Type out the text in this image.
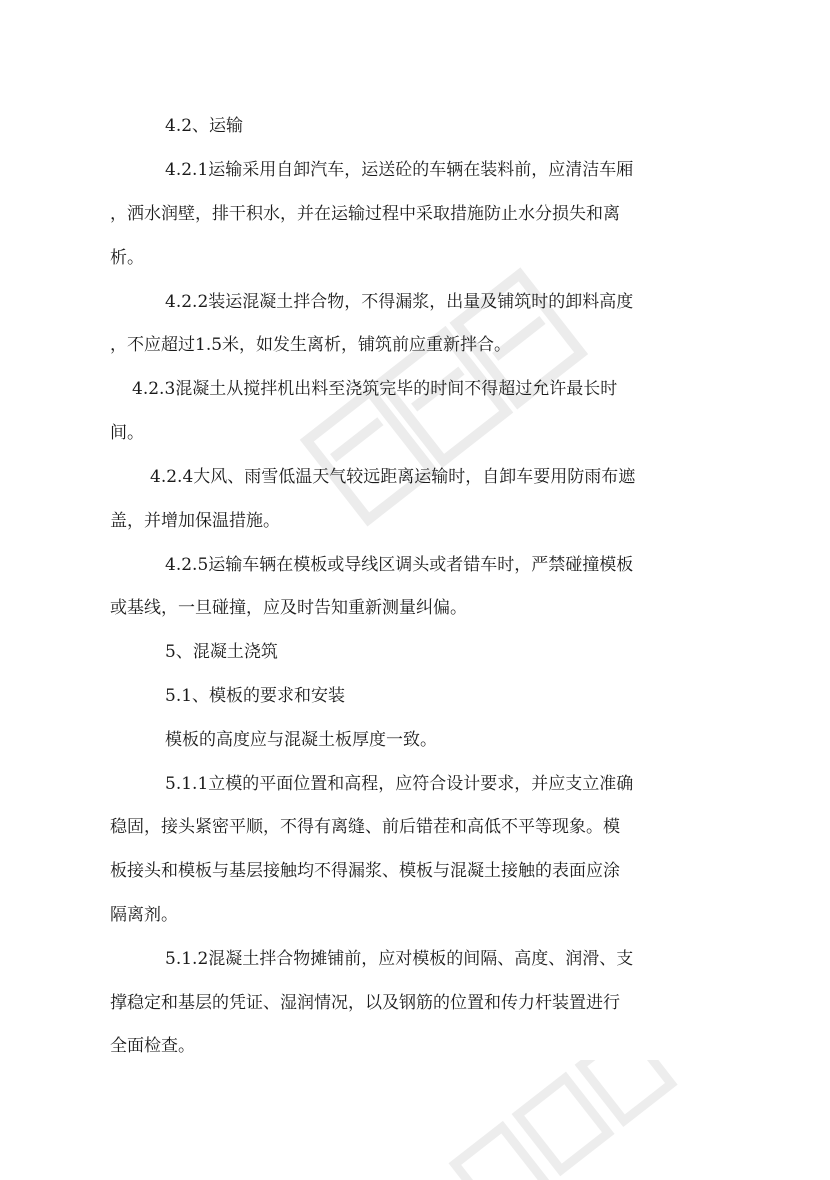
4.2、运输
4.2.1运输采用自卸汽车，运送砼的车辆在装料前，应清洁车厢
，洒水润壁，排干积水，并在运输过程中采取措施防止水分损失和离
析。
4.2.2装运混凝土拌合物，不得漏浆，出量及铺筑时的卸料高度
，不应超过1.5米，如发生离析，铺筑前应重新拌合。
4.2.3混凝土从搅拌机出料至浇筑完毕的时间不得超过允许最长时
间。
4.2.4大风、雨雪低温天气较远距离运输时，自卸车要用防雨布遮
盖，并增加保温措施。
4.2.5运输车辆在模板或导线区调头或者错车时，严禁碰撞模板
或基线，一旦碰撞，应及时告知重新测量纠偏。
5、混凝土浇筑
5.1、模板的要求和安装
模板的高度应与混凝土板厚度一致。
5.1.1立模的平面位置和高程，应符合设计要求，并应支立准确
稳固，接头紧密平顺，不得有离缝、前后错茬和高低不平等现象。模
板接头和模板与基层接触均不得漏浆、模板与混凝土接触的表面应涂
隔离剂。
5.1.2混凝土拌合物摊铺前，应对模板的间隔、高度、润滑、支
撑稳定和基层的凭证、湿润情况，以及钢筋的位置和传力杆装置进行
全面检查。
